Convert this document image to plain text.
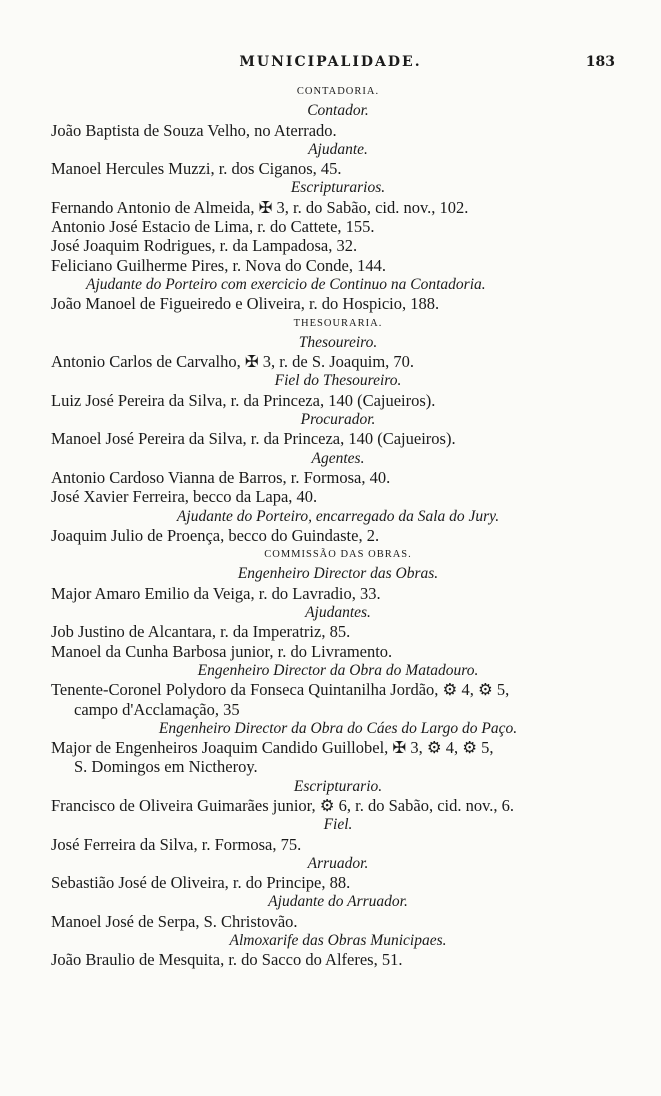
MUNICIPALIDADE.	183
CONTADORIA.
Contador.
João Baptista de Souza Velho, no Aterrado.
Ajudante.
Manoel Hercules Muzzi, r. dos Ciganos, 45.
Escripturarios.
Fernando Antonio de Almeida, ✠ 3, r. do Sabão, cid. nov., 102.
Antonio José Estacio de Lima, r. do Cattete, 155.
José Joaquim Rodrigues, r. da Lampadosa, 32.
Feliciano Guilherme Pires, r. Nova do Conde, 144.
Ajudante do Porteiro com exercicio de Continuo na Contadoria.
João Manoel de Figueiredo e Oliveira, r. do Hospicio, 188.
THESOURARIA.
Thesoureiro.
Antonio Carlos de Carvalho, ✠ 3, r. de S. Joaquim, 70.
Fiel do Thesoureiro.
Luiz José Pereira da Silva, r. da Princeza, 140 (Cajueiros).
Procurador.
Manoel José Pereira da Silva, r. da Princeza, 140 (Cajueiros).
Agentes.
Antonio Cardoso Vianna de Barros, r. Formosa, 40.
José Xavier Ferreira, becco da Lapa, 40.
Ajudante do Porteiro, encarregado da Sala do Jury.
Joaquim Julio de Proença, becco do Guindaste, 2.
COMMISSÃO DAS OBRAS.
Engenheiro Director das Obras.
Major Amaro Emilio da Veiga, r. do Lavradio, 33.
Ajudantes.
Job Justino de Alcantara, r. da Imperatriz, 85.
Manoel da Cunha Barbosa junior, r. do Livramento.
Engenheiro Director da Obra do Matadouro.
Tenente-Coronel Polydoro da Fonseca Quintanilha Jordão, ⚙ 4, ⚙ 5,
campo d'Acclamação, 35
Engenheiro Director da Obra do Cáes do Largo do Paço.
Major de Engenheiros Joaquim Candido Guillobel, ✠ 3, ⚙ 4, ⚙ 5,
S. Domingos em Nictheroy.
Escripturario.
Francisco de Oliveira Guimarães junior, ⚙ 6, r. do Sabão, cid. nov., 6.
Fiel.
José Ferreira da Silva, r. Formosa, 75.
Arruador.
Sebastião José de Oliveira, r. do Principe, 88.
Ajudante do Arruador.
Manoel José de Serpa, S. Christovão.
Almoxarife das Obras Municipaes.
João Braulio de Mesquita, r. do Sacco do Alferes, 51.
